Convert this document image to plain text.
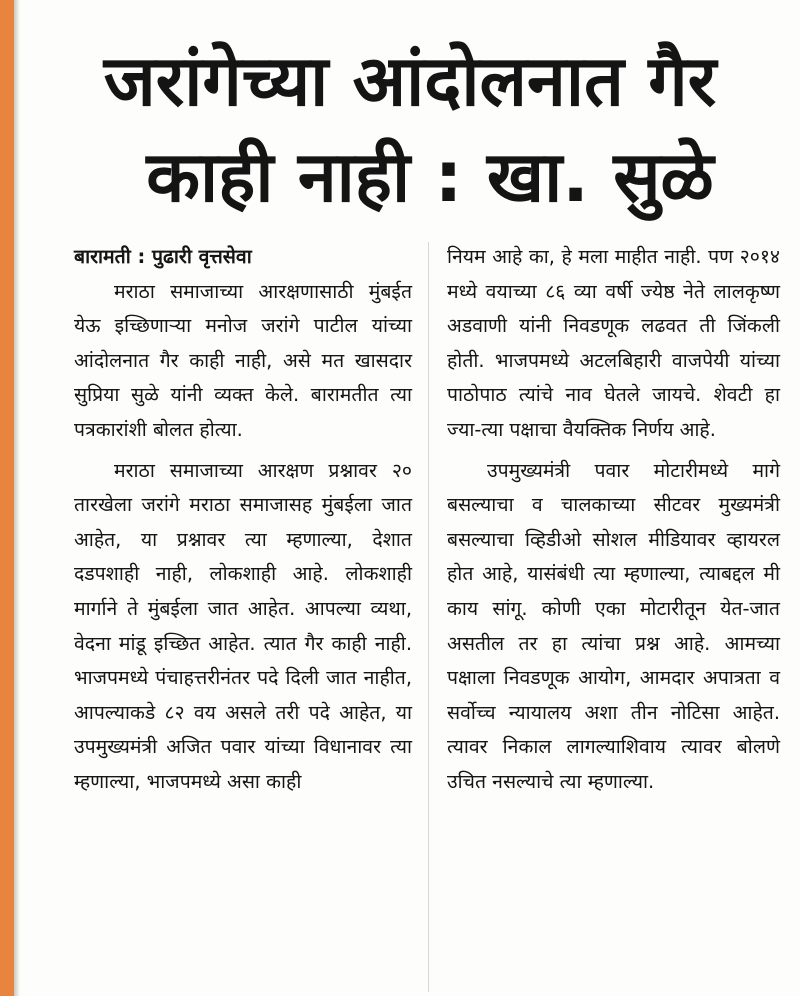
जरांगेच्या आंदोलनात गैर
काही नाही : खा. सुळे
बारामती : पुढारी वृत्तसेवा

मराठा समाजाच्या आरक्षणासाठी मुंबईत येऊ इच्छिणाऱ्या मनोज जरांगे पाटील यांच्या आंदोलनात गैर काही नाही, असे मत खासदार सुप्रिया सुळे यांनी व्यक्त केले. बारामतीत त्या पत्रकारांशी बोलत होत्या.

मराठा समाजाच्या आरक्षण प्रश्नावर २० तारखेला जरांगे मराठा समाजासह मुंबईला जात आहेत, या प्रश्नावर त्या म्हणाल्या, देशात दडपशाही नाही, लोकशाही आहे. लोकशाही मार्गाने ते मुंबईला जात आहेत. आपल्या व्यथा, वेदना मांडू इच्छित आहेत. त्यात गैर काही नाही. भाजपमध्ये पंचाहत्तरीनंतर पदे दिली जात नाहीत, आपल्याकडे ८२ वय असले तरी पदे आहेत, या उपमुख्यमंत्री अजित पवार यांच्या विधानावर त्या म्हणाल्या, भाजपमध्ये असा काही

नियम आहे का, हे मला माहीत नाही. पण २०१४ मध्ये वयाच्या ८६ व्या वर्षी ज्येष्ठ नेते लालकृष्ण अडवाणी यांनी निवडणूक लढवत ती जिंकली होती. भाजपमध्ये अटलबिहारी वाजपेयी यांच्या पाठोपाठ त्यांचे नाव घेतले जायचे. शेवटी हा ज्या-त्या पक्षाचा वैयक्तिक निर्णय आहे.

उपमुख्यमंत्री पवार मोटारीमध्ये मागे बसल्याचा व चालकाच्या सीटवर मुख्यमंत्री बसल्याचा व्हिडीओ सोशल मीडियावर व्हायरल होत आहे, यासंबंधी त्या म्हणाल्या, त्याबद्दल मी काय सांगू. कोणी एका मोटारीतून येत-जात असतील तर हा त्यांचा प्रश्न आहे. आमच्या पक्षाला निवडणूक आयोग, आमदार अपात्रता व सर्वोच्च न्यायालय अशा तीन नोटिसा आहेत. त्यावर निकाल लागल्याशिवाय त्यावर बोलणे उचित नसल्याचे त्या म्हणाल्या.
